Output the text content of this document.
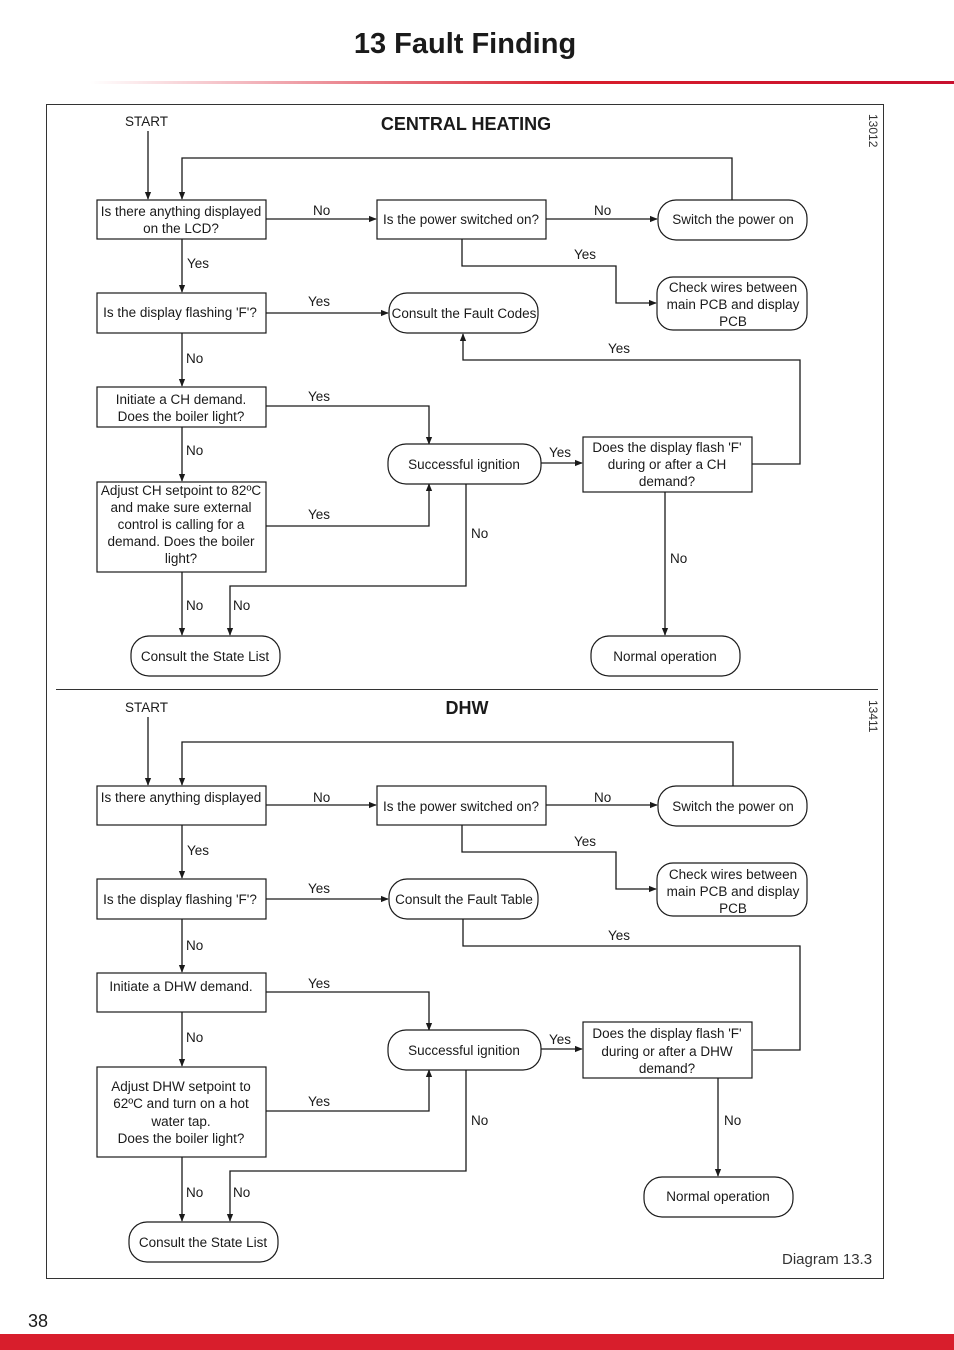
13 Fault Finding
CENTRAL HEATING	13012
START
No	No
Yes
Yes
Yes
Yes
No
Yes
No	Yes
Yes
No
No
No No
Is there anything displayed
on the LCD?
Is the power switched on?	Switch the power on
Check wires between
main PCB and display
PCB
Is the display flashing 'F'?	Consult the Fault Codes
Initiate a CH demand.
Does the boiler light?
Successful ignition
Does the display flash 'F'
during or after a CH
demand?
Adjust CH setpoint to 82ºC
and make sure external
control is calling for a
demand. Does the boiler
light?
Consult the State List	Normal operation
DHW	13411
START
No	No
Yes
Yes
Yes
Yes
No
Yes
No	Yes
Yes
No	No
No No
Is there anything displayed
Is the power switched on?	Switch the power on
Check wires between
main PCB and display
PCB
Is the display flashing 'F'?	Consult the Fault Table
Initiate a DHW demand.
Successful ignition
Does the display flash 'F'
during or after a DHW
demand?
Adjust DHW setpoint to
62ºC and turn on a hot
water tap.
Does the boiler light?
Consult the State List
Normal operation
Diagram 13.3
38
